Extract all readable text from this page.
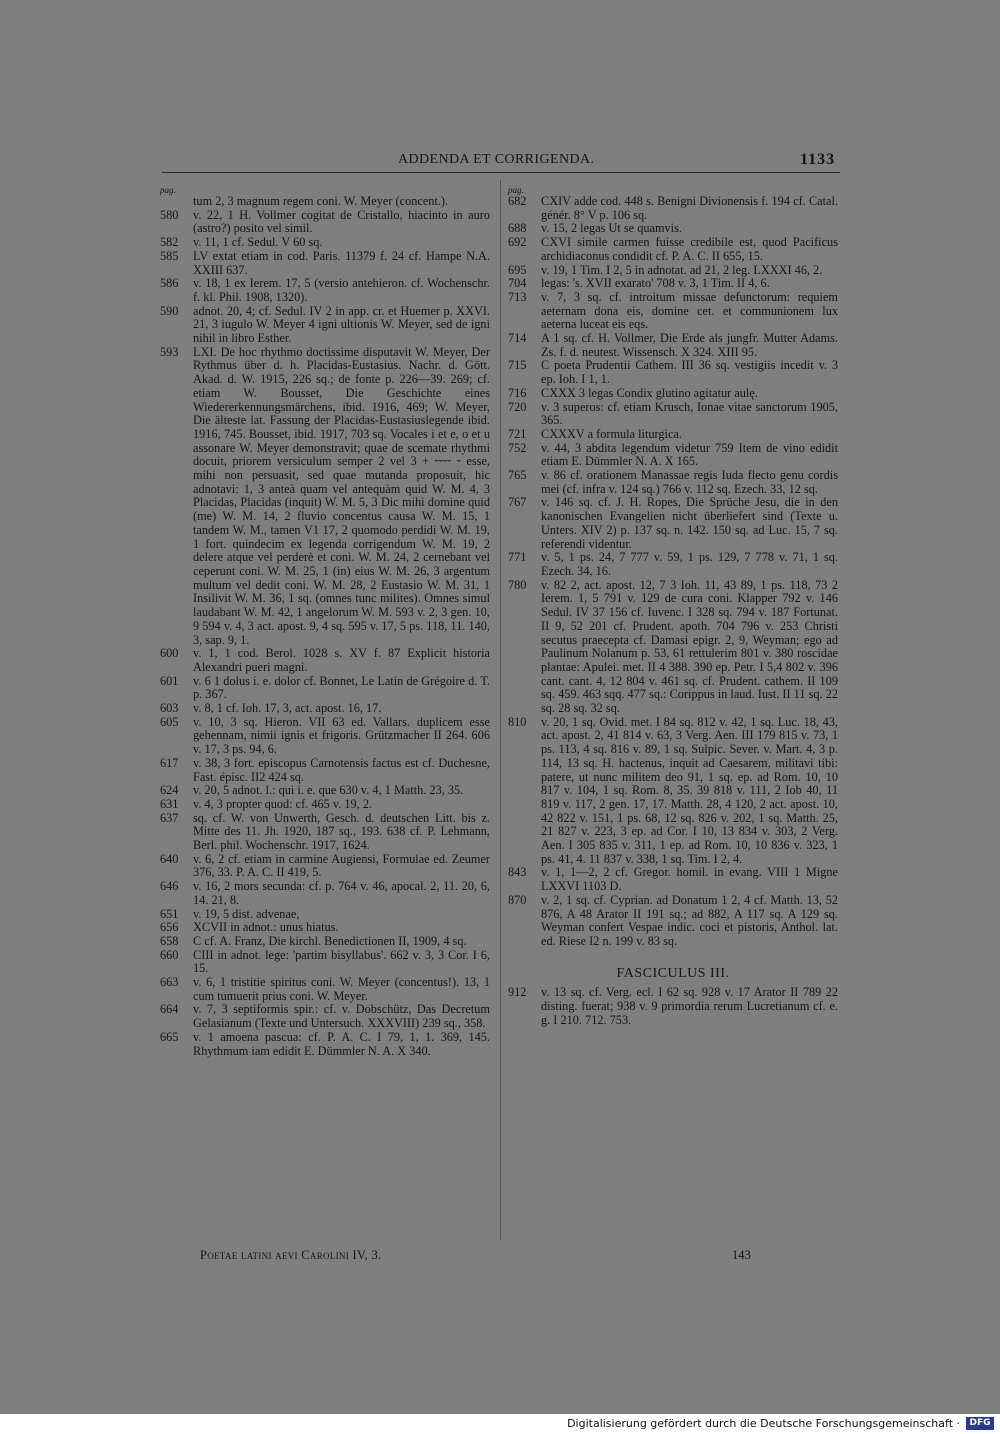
ADDENDA ET CORRIGENDA.	1133
pag.
tum 2, 3 magnum regem coni. W. Meyer (concent.).
580	v. 22, 1 H. Vollmer cogitat de Cristallo, hiacinto in auro (astro?) posito vel simil.
582	v. 11, 1 cf. Sedul. V 60 sq.
585	LV extat etiam in cod. Paris. 11379 f. 24 cf. Hampe N.A. XXIII 637.
586	v. 18, 1 ex Ierem. 17, 5 (versio antehieron. cf. Wochenschr. f. kl. Phil. 1908, 1320).
590	adnot. 20, 4; cf. Sedul. IV 2 in app. cr. et Huemer p. XXVI. 21, 3 iugulo W. Meyer 4 igni ultionis W. Meyer, sed de igni nihil in libro Esther.
593	LXI. De hoc rhythmo doctissime disputavit W. Meyer, Der Rythmus über d. h. Placidas-Eustasius. Nachr. d. Gött. Akad. d. W. 1915, 226 sq.; de fonte p. 226—39. 269; cf. etiam W. Bousset, Die Geschichte eines Wiedererkennungsmärchens, ibid. 1916, 469; W. Meyer, Die älteste lat. Fassung der Placidas-Eustasiuslegende ibid. 1916, 745. Bousset, ibid. 1917, 703 sq. Vocales i et e, o et u assonare W. Meyer demonstravit; quae de scemate rhythmi docuit, priorem versiculum semper 2 vel 3 + ⏑⏑⏑⏑ ⏑ esse, mihi non persuasit, sed quae mutanda proposuit, hic adnotavi: 1, 3 anteà quam vel antequàm quid W. M. 4, 3 Placidas, Placidas (inquit) W. M. 5, 3 Dic mihi domine quid (me) W. M. 14, 2 fluvio concentus causa W. M. 15, 1 tandem W. M., tamen V1 17, 2 quomodo perdidi W. M. 19, 1 fort. quindecim ex legenda corrigendum W. M. 19, 2 delere atque vel perderè et coni. W. M. 24, 2 cernebant vel ceperunt coni. W. M. 25, 1 (in) eius W. M. 26, 3 argentum multum vel dedit coni. W. M. 28, 2 Eustasio W. M. 31, 1 Insilivit W. M. 36, 1 sq. (omnes tunc milites). Omnes simul laudabant W. M. 42, 1 angelorum W. M. 593 v. 2, 3 gen. 10, 9 594 v. 4, 3 act. apost. 9, 4 sq. 595 v. 17, 5 ps. 118, 11. 140, 3, sap. 9, 1.
600	v. 1, 1 cod. Berol. 1028 s. XV f. 87 Explicit historia Alexandri pueri magni.
601	v. 6 1 dolus i. e. dolor cf. Bonnet, Le Latin de Grégoire d. T. p. 367.
603	v. 8, 1 cf. Ioh. 17, 3, act. apost. 16, 17.
605	v. 10, 3 sq. Hieron. VII 63 ed. Vallars. duplicem esse gehennam, nimii ignis et frigoris. Grützmacher II 264. 606 v. 17, 3 ps. 94, 6.
617	v. 38, 3 fort. episcopus Carnotensis factus est cf. Duchesne, Fast. épisc. II2 424 sq.
624	v. 20, 5 adnot. l.: qui i. e. que 630 v. 4, 1 Matth. 23, 35.
631	v. 4, 3 propter quod: cf. 465 v. 19, 2.
637	sq. cf. W. von Unwerth, Gesch. d. deutschen Litt. bis z. Mitte des 11. Jh. 1920, 187 sq., 193. 638 cf. P. Lehmann, Berl. phil. Wochenschr. 1917, 1624.
640	v. 6, 2 cf. etiam in carmine Augiensi, Formulae ed. Zeumer 376, 33. P. A. C. II 419, 5.
646	v. 16, 2 mors secunda: cf. p. 764 v. 46, apocal. 2, 11. 20, 6, 14. 21, 8.
651	v. 19, 5 dist. advenae,
656	XCVII in adnot.: unus hiatus.
658	C cf. A. Franz, Die kirchl. Benedictionen II, 1909, 4 sq.
660	CIII in adnot. lege: 'partim bisyllabus'. 662 v. 3, 3 Cor. I 6, 15.
663	v. 6, 1 tristitie spiritus coni. W. Meyer (concentus!). 13, 1 cum tumuerit prius coni. W. Meyer.
664	v. 7, 3 septiformis spir.: cf. v. Dobschütz, Das Decretum Gelasianum (Texte und Untersuch. XXXVIII) 239 sq., 358.
665	v. 1 amoena pascua: cf. P. A. C. I 79, 1, 1. 369, 145. Rhythmum iam edidit E. Dümmler N. A. X 340.
pag.
682	CXIV adde cod. 448 s. Benigni Divionensis f. 194 cf. Catal. génér. 8° V p. 106 sq.
688	v. 15, 2 legas Ut se quamvis.
692	CXVI simile carmen fuisse credibile est, quod Pacificus archidiaconus condidit cf. P. A. C. II 655, 15.
695	v. 19, 1 Tim. I 2, 5 in adnotat. ad 21, 2 leg. LXXXI 46, 2.
704	legas: 's. XVII exarato' 708 v. 3, 1 Tim. II 4, 6.
713	v. 7, 3 sq. cf. introitum missae defunctorum: requiem aeternam dona eis, domine cet. et communionem lux aeterna luceat eis eqs.
714	A 1 sq. cf. H. Vollmer, Die Erde als jungfr. Mutter Adams. Zs. f. d. neutest. Wissensch. X 324. XIII 95.
715	C poeta Prudentii Cathem. III 36 sq. vestigiis incedit v. 3 ep. Ioh. I 1, 1.
716	CXXX 3 legas Condix glutino agitatur aulę.
720	v. 3 superos: cf. etiam Krusch, Ionae vitae sanctorum 1905, 365.
721	CXXXV a formula liturgica.
752	v. 44, 3 abdita legendum videtur 759 Item de vino edidit etiam E. Dümmler N. A. X 165.
765	v. 86 cf. orationem Manassae regis Iuda flecto genu cordis mei (cf. infra v. 124 sq.) 766 v. 112 sq. Ezech. 33, 12 sq.
767	v. 146 sq. cf. J. H. Ropes, Die Sprüche Jesu, die in den kanonischen Evangelien nicht überliefert sind (Texte u. Unters. XIV 2) p. 137 sq. n. 142. 150 sq. ad Luc. 15, 7 sq. referendi videntur.
771	v. 5, 1 ps. 24, 7 777 v. 59, 1 ps. 129, 7 778 v. 71, 1 sq. Ezech. 34, 16.
780	v. 82 2, act. apost. 12, 7 3 Ioh. 11, 43 89, 1 ps. 118, 73 2 Ierem. 1, 5 791 v. 129 de cura coni. Klapper 792 v. 146 Sedul. IV 37 156 cf. Iuvenc. I 328 sq. 794 v. 187 Fortunat. II 9, 52 201 cf. Prudent. apoth. 704 796 v. 253 Christi secutus praecepta cf. Damasi epigr. 2, 9, Weyman; ego ad Paulinum Nolanum p. 53, 61 rettulerim 801 v. 380 roscidae plantae: Apulei. met. II 4 388. 390 ep. Petr. I 5,4 802 v. 396 cant. cant. 4, 12 804 v. 461 sq. cf. Prudent. cathem. II 109 sq. 459. 463 sqq. 477 sq.: Corippus in laud. Iust. II 11 sq. 22 sq. 28 sq. 32 sq.
810	v. 20, 1 sq. Ovid. met. I 84 sq. 812 v. 42, 1 sq. Luc. 18, 43, act. apost. 2, 41 814 v. 63, 3 Verg. Aen. III 179 815 v. 73, 1 ps. 113, 4 sq. 816 v. 89, 1 sq. Sulpic. Sever. v. Mart. 4, 3 p. 114, 13 sq. H. hactenus, inquit ad Caesarem, militavi tibi: patere, ut nunc militem deo 91, 1 sq. ep. ad Rom. 10, 10 817 v. 104, 1 sq. Rom. 8, 35. 39 818 v. 111, 2 Iob 40, 11 819 v. 117, 2 gen. 17, 17. Matth. 28, 4 120, 2 act. apost. 10, 42 822 v. 151, 1 ps. 68, 12 sq. 826 v. 202, 1 sq. Matth. 25, 21 827 v. 223, 3 ep. ad Cor. I 10, 13 834 v. 303, 2 Verg. Aen. I 305 835 v. 311, 1 ep. ad Rom. 10, 10 836 v. 323, 1 ps. 41, 4. 11 837 v. 338, 1 sq. Tim. I 2, 4.
843	v. 1, 1—2, 2 cf. Gregor. homil. in evang. VIII 1 Migne LXXVI 1103 D.
870	v. 2, 1 sq. cf. Cyprian. ad Donatum 1 2, 4 cf. Matth. 13, 52 876, A 48 Arator II 191 sq.; ad 882, A 117 sq. A 129 sq. Weyman confert Vespae indic. coci et pistoris, Anthol. lat. ed. Riese I2 n. 199 v. 83 sq.
FASCICULUS III.
912	v. 13 sq. cf. Verg. ecl. I 62 sq. 928 v. 17 Arator II 789 22 disting. fuerat; 938 v. 9 primordia rerum Lucretianum cf. e. g. I 210. 712. 753.
Poetae latini aevi Carolini IV, 3.	143
Digitalisierung gefördert durch die Deutsche Forschungsgemeinschaft ·	DFG
